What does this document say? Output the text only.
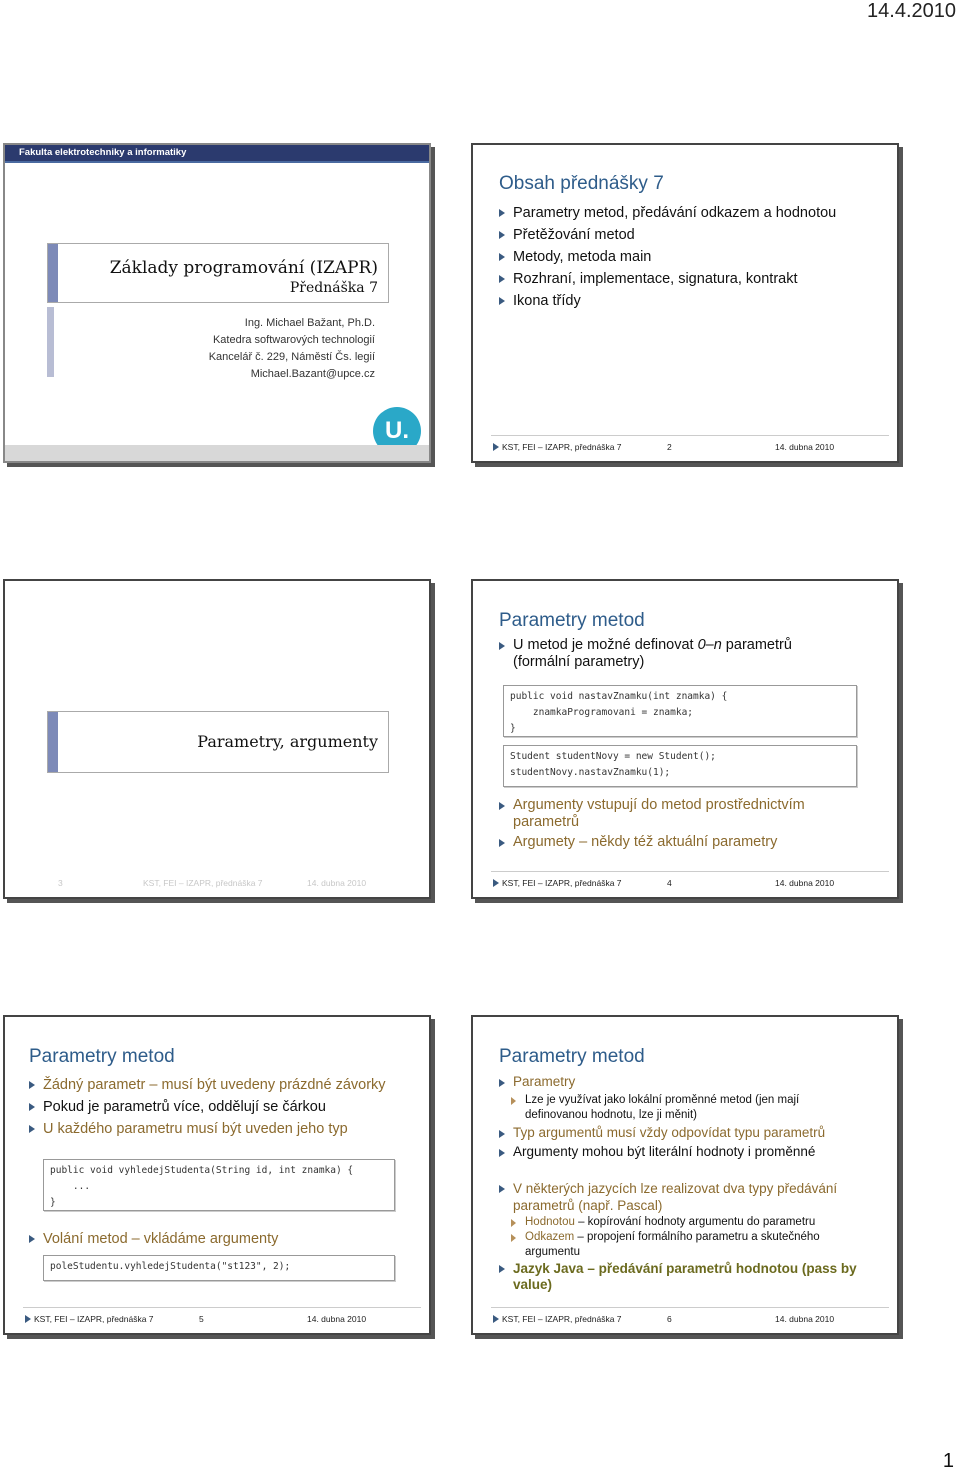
14.4.2010
1
Fakulta elektrotechniky a informatiky
Základy programování (IZAPR)
Přednáška 7
Ing. Michael Bažant, Ph.D.
Katedra softwarových technologií
Kancelář č. 229, Náměstí Čs. legií
Michael.Bazant@upce.cz
U.
Obsah přednášky 7
Parametry metod, předávání odkazem a hodnotou
Přetěžování metod
Metody, metoda main
Rozhraní, implementace, signatura, kontrakt
Ikona třídy
KST, FEI – IZAPR, přednáška 7	2	14. dubna 2010
Parametry, argumenty
3	KST, FEI – IZAPR, přednáška 7	14. dubna 2010
Parametry metod
U metod je možné definovat 0–n parametrů (formální parametry)
public void nastavZnamku(int znamka) {
znamkaProgramovani = znamka;
}
Student studentNovy = new Student();
studentNovy.nastavZnamku(1);
Argumenty vstupují do metod prostřednictvím parametrů
Argumety – někdy též aktuální parametry
KST, FEI – IZAPR, přednáška 7	4	14. dubna 2010
Parametry metod
Žádný parametr – musí být uvedeny prázdné závorky
Pokud je parametrů více, oddělují se čárkou
U každého parametru musí být uveden jeho typ
public void vyhledejStudenta(String id, int znamka) {
...
}
Volání metod – vkládáme argumenty
poleStudentu.vyhledejStudenta("st123", 2);
KST, FEI – IZAPR, přednáška 7	5	14. dubna 2010
Parametry metod
Parametry
Lze je využívat jako lokální proměnné metod (jen mají definovanou hodnotu, lze ji měnit)
Typ argumentů musí vždy odpovídat typu parametrů
Argumenty mohou být literální hodnoty i proměnné
V některých jazycích lze realizovat dva typy předávání parametrů (např. Pascal)
Hodnotou – kopírování hodnoty argumentu do parametru
Odkazem – propojení formálního parametru a skutečného argumentu
Jazyk Java – předávání parametrů hodnotou (pass by value)
KST, FEI – IZAPR, přednáška 7	6	14. dubna 2010
